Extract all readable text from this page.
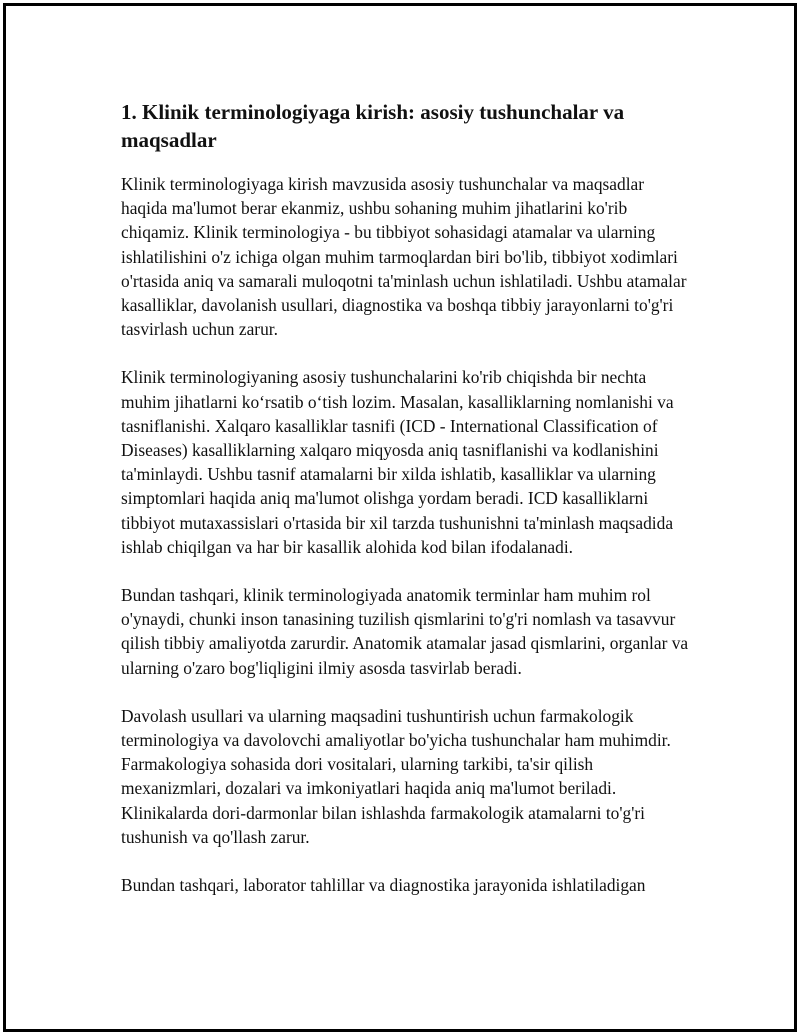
1. Klinik terminologiyaga kirish: asosiy tushunchalar va maqsadlar

Klinik terminologiyaga kirish mavzusida asosiy tushunchalar va maqsadlar haqida ma'lumot berar ekanmiz, ushbu sohaning muhim jihatlarini ko'rib chiqamiz. Klinik terminologiya - bu tibbiyot sohasidagi atamalar va ularning ishlatilishini o'z ichiga olgan muhim tarmoqlardan biri bo'lib, tibbiyot xodimlari o'rtasida aniq va samarali muloqotni ta'minlash uchun ishlatiladi. Ushbu atamalar kasalliklar, davolanish usullari, diagnostika va boshqa tibbiy jarayonlarni to'g'ri tasvirlash uchun zarur.

Klinik terminologiyaning asosiy tushunchalarini ko'rib chiqishda bir nechta muhim jihatlarni ko‘rsatib o‘tish lozim. Masalan, kasalliklarning nomlanishi va tasniflanishi. Xalqaro kasalliklar tasnifi (ICD - International Classification of Diseases) kasalliklarning xalqaro miqyosda aniq tasniflanishi va kodlanishini ta'minlaydi. Ushbu tasnif atamalarni bir xilda ishlatib, kasalliklar va ularning simptomlari haqida aniq ma'lumot olishga yordam beradi. ICD kasalliklarni tibbiyot mutaxassislari o'rtasida bir xil tarzda tushunishni ta'minlash maqsadida ishlab chiqilgan va har bir kasallik alohida kod bilan ifodalanadi.

Bundan tashqari, klinik terminologiyada anatomik terminlar ham muhim rol o'ynaydi, chunki inson tanasining tuzilish qismlarini to'g'ri nomlash va tasavvur qilish tibbiy amaliyotda zarurdir. Anatomik atamalar jasad qismlarini, organlar va ularning o'zaro bog'liqligini ilmiy asosda tasvirlab beradi.

Davolash usullari va ularning maqsadini tushuntirish uchun farmakologik terminologiya va davolovchi amaliyotlar bo'yicha tushunchalar ham muhimdir. Farmakologiya sohasida dori vositalari, ularning tarkibi, ta'sir qilish mexanizmlari, dozalari va imkoniyatlari haqida aniq ma'lumot beriladi. Klinikalarda dori-darmonlar bilan ishlashda farmakologik atamalarni to'g'ri tushunish va qo'llash zarur.

Bundan tashqari, laborator tahlillar va diagnostika jarayonida ishlatiladigan
